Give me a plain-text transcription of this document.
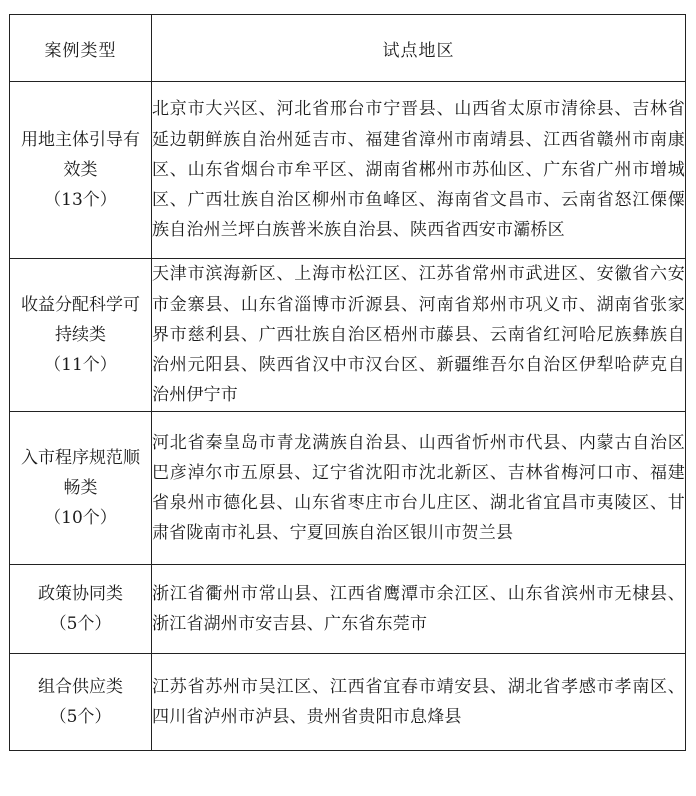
案例类型	试点地区

用地主体引导有效类
（13个）	北京市大兴区、河北省邢台市宁晋县、山西省太原市清徐县、吉林省延边朝鲜族自治州延吉市、福建省漳州市南靖县、江西省赣州市南康区、山东省烟台市牟平区、湖南省郴州市苏仙区、广东省广州市增城区、广西壮族自治区柳州市鱼峰区、海南省文昌市、云南省怒江傈僳族自治州兰坪白族普米族自治县、陕西省西安市灞桥区

收益分配科学可持续类
（11个）	天津市滨海新区、上海市松江区、江苏省常州市武进区、安徽省六安市金寨县、山东省淄博市沂源县、河南省郑州市巩义市、湖南省张家界市慈利县、广西壮族自治区梧州市藤县、云南省红河哈尼族彝族自治州元阳县、陕西省汉中市汉台区、新疆维吾尔自治区伊犁哈萨克自治州伊宁市

入市程序规范顺畅类
（10个）	河北省秦皇岛市青龙满族自治县、山西省忻州市代县、内蒙古自治区巴彦淖尔市五原县、辽宁省沈阳市沈北新区、吉林省梅河口市、福建省泉州市德化县、山东省枣庄市台儿庄区、湖北省宜昌市夷陵区、甘肃省陇南市礼县、宁夏回族自治区银川市贺兰县

政策协同类
（5个）	浙江省衢州市常山县、江西省鹰潭市余江区、山东省滨州市无棣县、浙江省湖州市安吉县、广东省东莞市

组合供应类
（5个）	江苏省苏州市吴江区、江西省宜春市靖安县、湖北省孝感市孝南区、四川省泸州市泸县、贵州省贵阳市息烽县
